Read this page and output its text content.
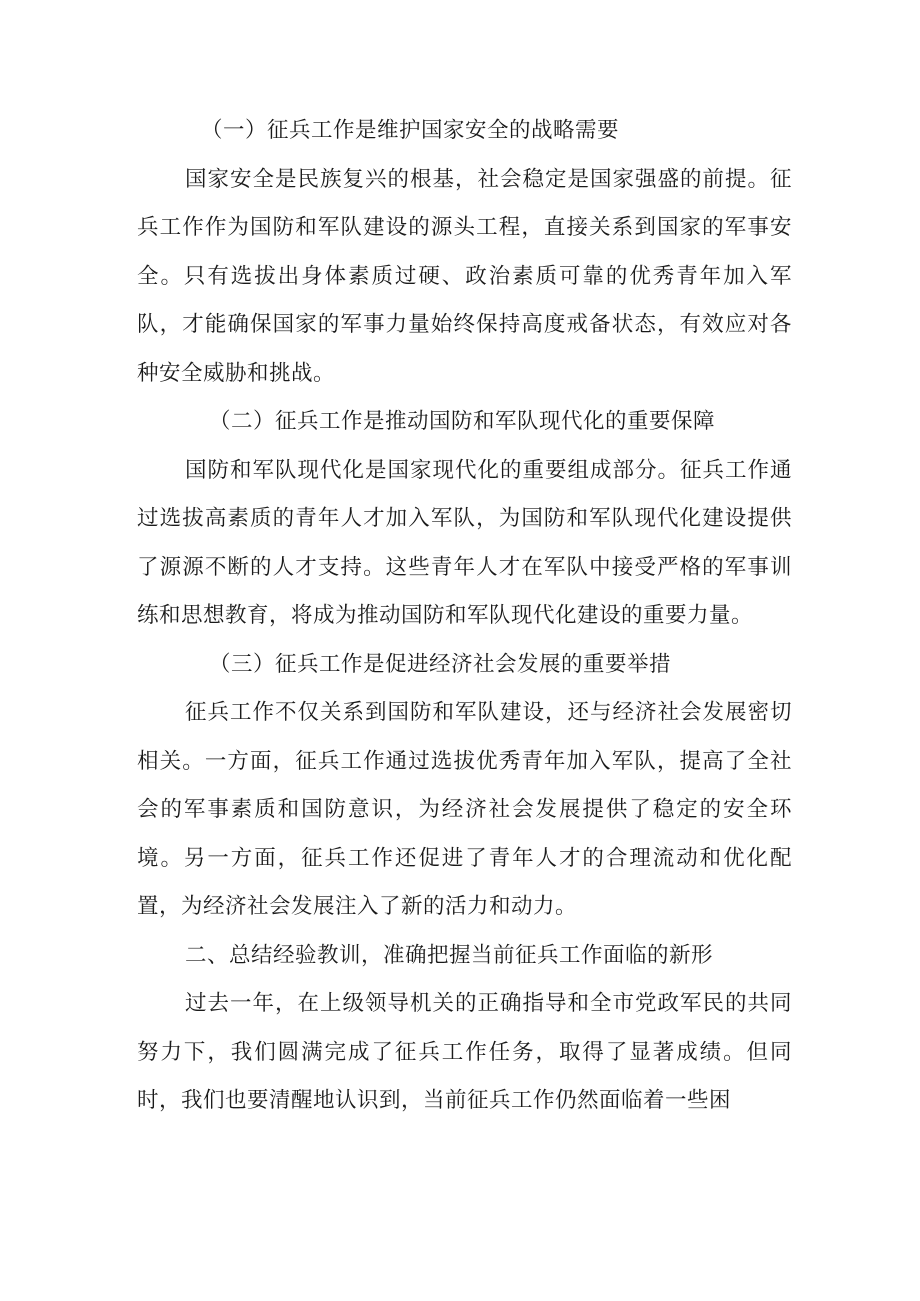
（一）征兵工作是维护国家安全的战略需要

国家安全是民族复兴的根基，社会稳定是国家强盛的前提。征兵工作作为国防和军队建设的源头工程，直接关系到国家的军事安全。只有选拔出身体素质过硬、政治素质可靠的优秀青年加入军队，才能确保国家的军事力量始终保持高度戒备状态，有效应对各种安全威胁和挑战。

（二）征兵工作是推动国防和军队现代化的重要保障

国防和军队现代化是国家现代化的重要组成部分。征兵工作通过选拔高素质的青年人才加入军队，为国防和军队现代化建设提供了源源不断的人才支持。这些青年人才在军队中接受严格的军事训练和思想教育，将成为推动国防和军队现代化建设的重要力量。

（三）征兵工作是促进经济社会发展的重要举措

征兵工作不仅关系到国防和军队建设，还与经济社会发展密切相关。一方面，征兵工作通过选拔优秀青年加入军队，提高了全社会的军事素质和国防意识，为经济社会发展提供了稳定的安全环境。另一方面，征兵工作还促进了青年人才的合理流动和优化配置，为经济社会发展注入了新的活力和动力。

二、总结经验教训，准确把握当前征兵工作面临的新形

过去一年，在上级领导机关的正确指导和全市党政军民的共同努力下，我们圆满完成了征兵工作任务，取得了显著成绩。但同时，我们也要清醒地认识到，当前征兵工作仍然面临着一些困
